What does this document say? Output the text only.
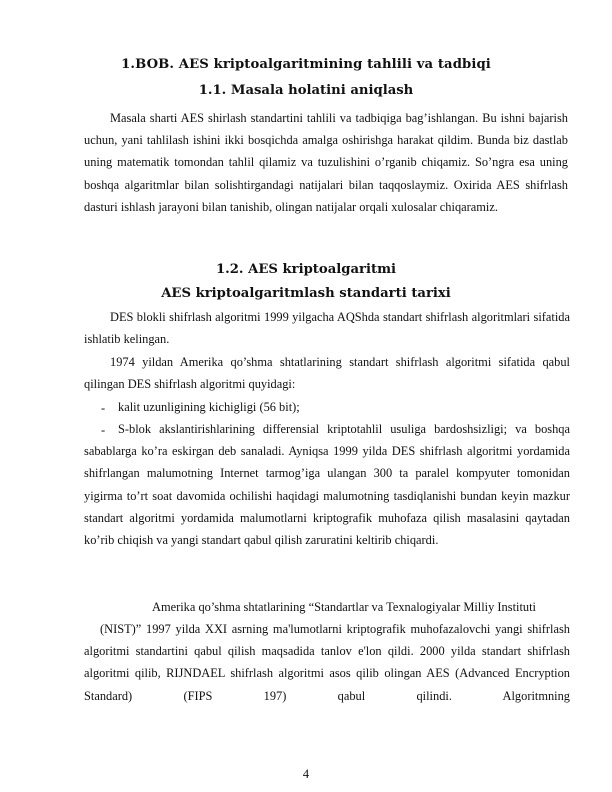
1.BOB. AES kriptoalgaritmining tahlili va tadbiqi
1.1. Masala holatini aniqlash
Masala sharti AES shirlash standartini tahlili va tadbiqiga bag’ishlangan. Bu ishni bajarish uchun, yani tahlilash ishini ikki bosqichda amalga oshirishga harakat qildim. Bunda biz dastlab uning matematik tomondan tahlil qilamiz va tuzulishini o’rganib chiqamiz. So’ngra esa uning boshqa algaritmlar bilan solishtirgandagi natijalari bilan taqqoslaymiz. Oxirida AES shifrlash dasturi ishlash jarayoni bilan tanishib, olingan natijalar orqali xulosalar chiqaramiz.
1.2. AES kriptoalgaritmi
AES kriptoalgaritmlash standarti tarixi
DES blokli shifrlash algoritmi 1999 yilgacha AQShda standart shifrlash algoritmlari sifatida ishlatib kelingan.
1974 yildan Amerika qo’shma shtatlarining standart shifrlash algoritmi sifatida qabul qilingan DES shifrlash algoritmi quyidagi:
- kalit uzunligining kichigligi (56 bit);
-	S-blok akslantirishlarining differensial kriptotahlil usuliga bardoshsizligi; va boshqa sabablarga ko’ra eskirgan deb sanaladi. Ayniqsa 1999 yilda DES shifrlash algoritmi yordamida shifrlangan malumotning Internet tarmog’iga ulangan 300 ta paralel kompyuter tomonidan yigirma to’rt soat davomida ochilishi haqidagi malumotning tasdiqlanishi bundan keyin mazkur standart algoritmi yordamida malumotlarni kriptografik muhofaza qilish masalasini qaytadan ko’rib chiqish va yangi standart qabul qilish zaruratini keltirib chiqardi.
Amerika qo’shma shtatlarining “Standartlar va Texnalogiyalar Milliy Instituti
(NIST)” 1997 yilda XXI asrning ma'lumotlarni kriptografik muhofazalovchi yangi shifrlash algoritmi standartini qabul qilish maqsadida tanlov e'lon qildi. 2000 yilda standart shifrlash algoritmi qilib, RIJNDAEL shifrlash algoritmi asos qilib olingan AES (Advanced Encryption Standard) (FIPS 197) qabul qilindi. Algoritmning
4
